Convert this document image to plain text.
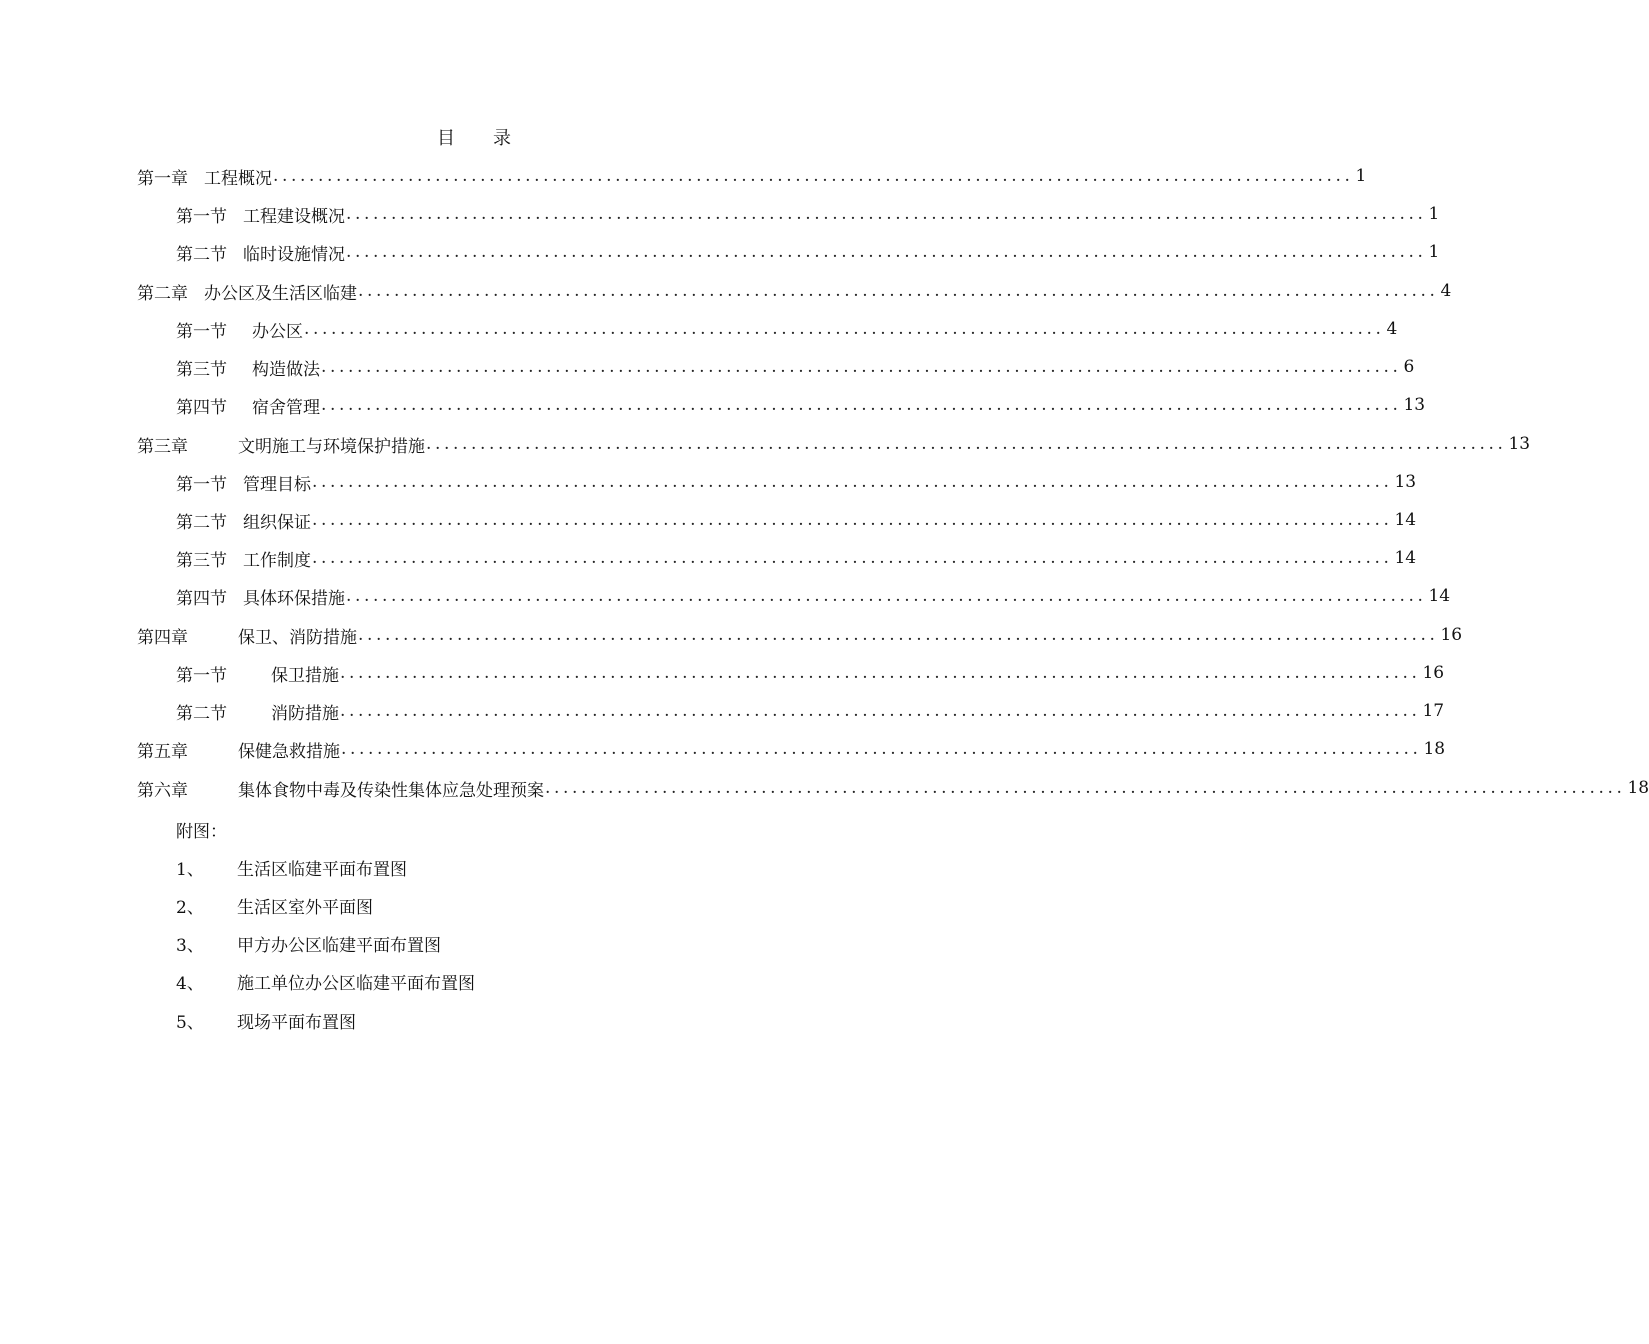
目 录
第一章 工程概况 ........................................................................................................................ 1
第一节 工程建设概况 ........................................................................................................................ 1
第二节 临时设施情况 ........................................................................................................................ 1
第二章 办公区及生活区临建 ........................................................................................................................ 4
第一节	办公区 ........................................................................................................................ 4
第三节	构造做法 ........................................................................................................................ 6
第四节	宿舍管理 ........................................................................................................................ 13
第三章	文明施工与环境保护措施 ........................................................................................................................ 13
第一节 管理目标 ........................................................................................................................ 13
第二节 组织保证 ........................................................................................................................ 14
第三节 工作制度 ........................................................................................................................ 14
第四节 具体环保措施 ........................................................................................................................ 14
第四章	保卫、消防措施 ........................................................................................................................ 16
第一节	保卫措施 ........................................................................................................................ 16
第二节	消防措施 ........................................................................................................................ 17
第五章	保健急救措施 ........................................................................................................................ 18
第六章	集体食物中毒及传染性集体应急处理预案 ........................................................................................................................ 18
附图：
1、	生活区临建平面布置图
2、	生活区室外平面图
3、	甲方办公区临建平面布置图
4、	施工单位办公区临建平面布置图
5、	现场平面布置图
